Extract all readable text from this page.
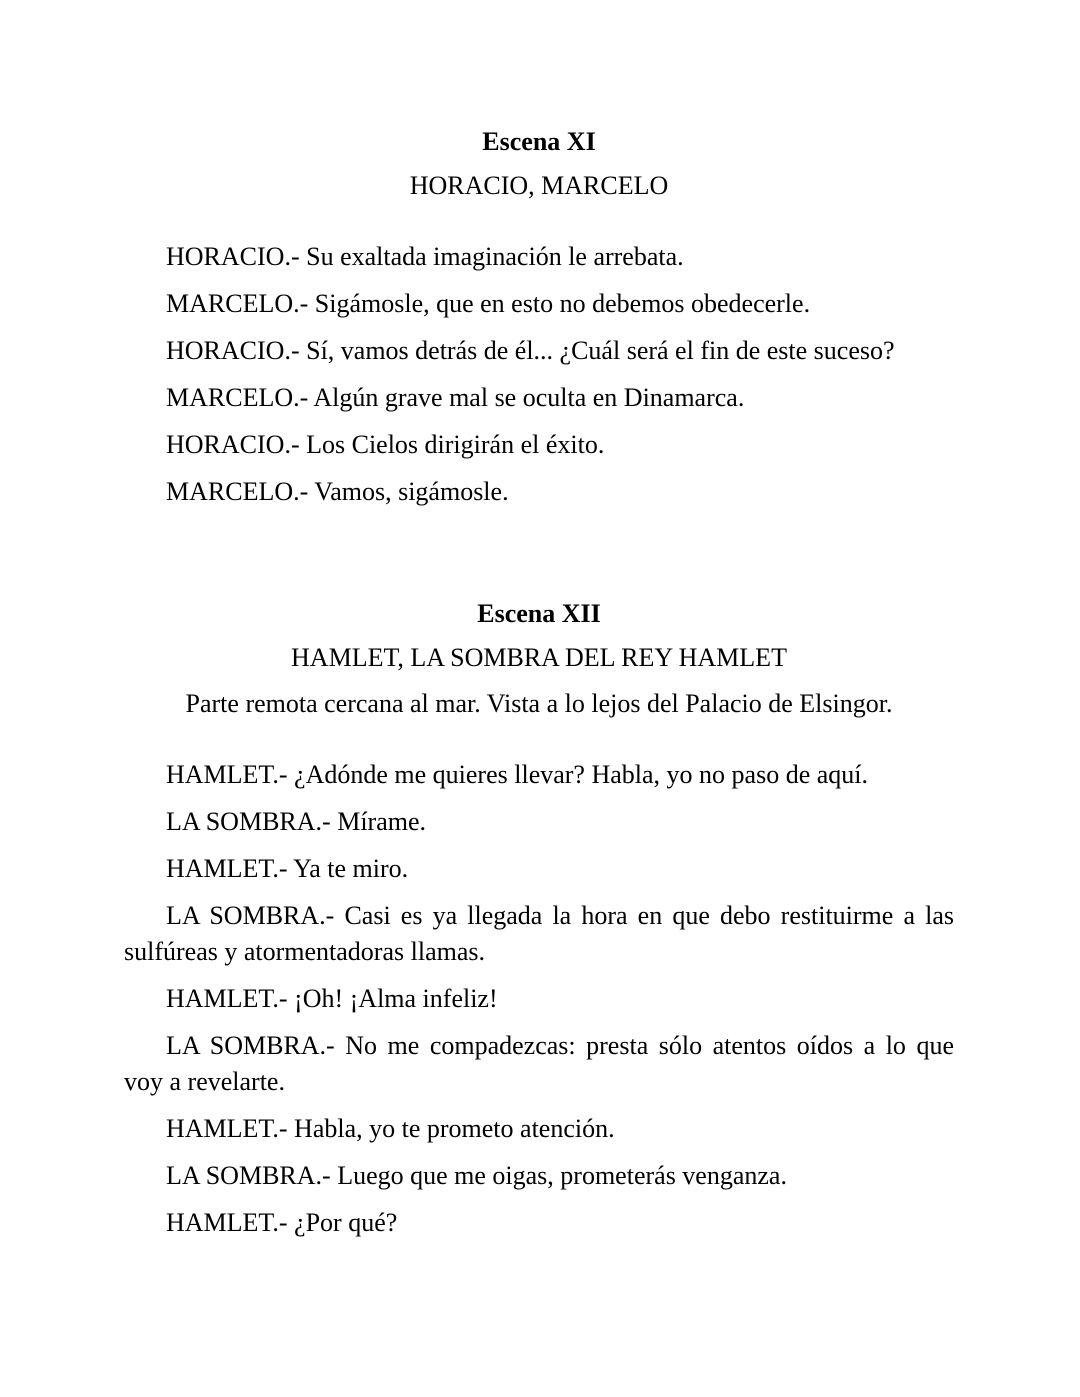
Escena XI

HORACIO, MARCELO

HORACIO.- Su exaltada imaginación le arrebata.

MARCELO.- Sigámosle, que en esto no debemos obedecerle.

HORACIO.- Sí, vamos detrás de él... ¿Cuál será el fin de este suceso?

MARCELO.- Algún grave mal se oculta en Dinamarca.

HORACIO.- Los Cielos dirigirán el éxito.

MARCELO.- Vamos, sigámosle.

Escena XII

HAMLET, LA SOMBRA DEL REY HAMLET

Parte remota cercana al mar. Vista a lo lejos del Palacio de Elsingor.

HAMLET.- ¿Adónde me quieres llevar? Habla, yo no paso de aquí.

LA SOMBRA.- Mírame.

HAMLET.- Ya te miro.

LA SOMBRA.- Casi es ya llegada la hora en que debo restituirme a las
sulfúreas y atormentadoras llamas.

HAMLET.- ¡Oh! ¡Alma infeliz!

LA SOMBRA.- No me compadezcas: presta sólo atentos oídos a lo que
voy a revelarte.

HAMLET.- Habla, yo te prometo atención.

LA SOMBRA.- Luego que me oigas, prometerás venganza.

HAMLET.- ¿Por qué?
